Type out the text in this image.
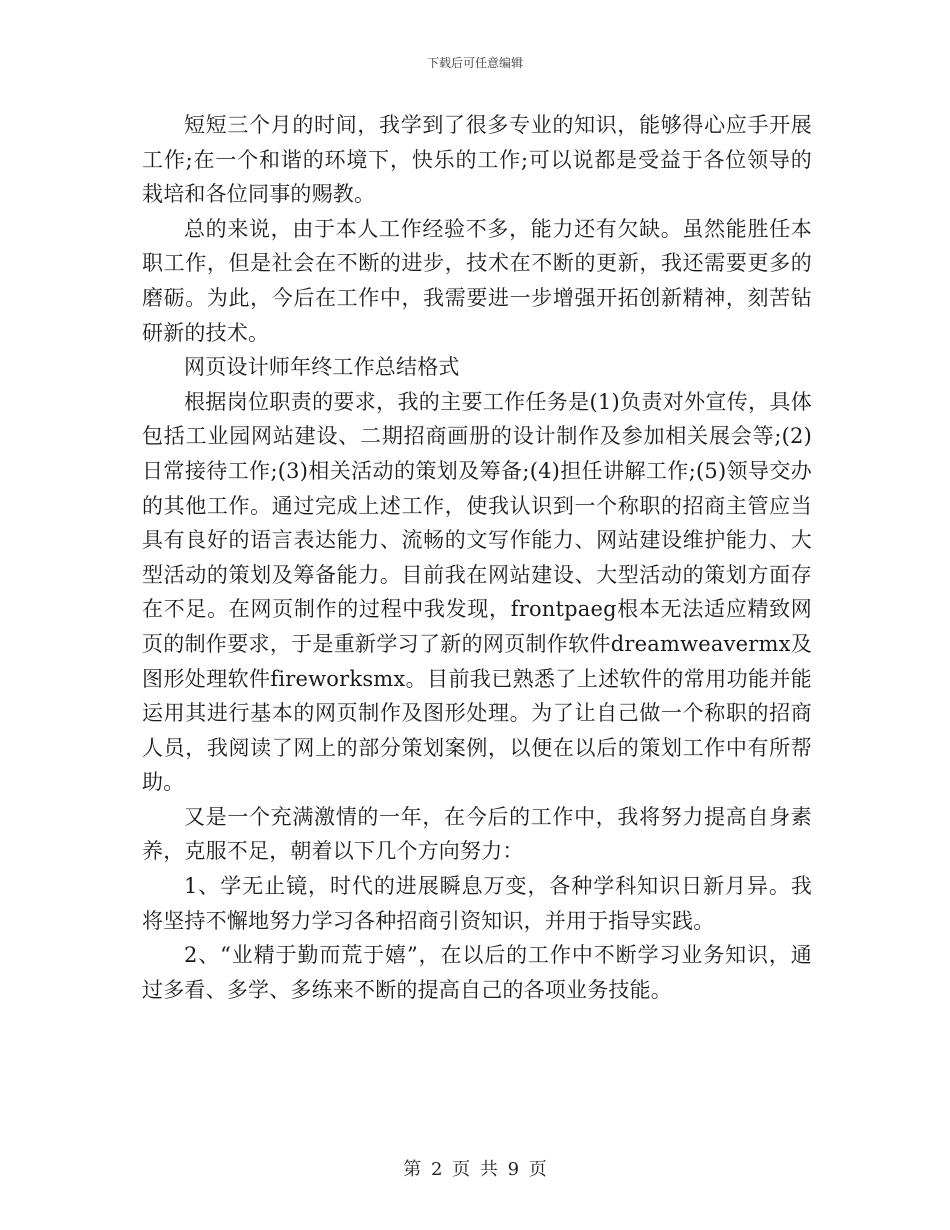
下载后可任意编辑

短短三个月的时间，我学到了很多专业的知识，能够得心应手开展工作;在一个和谐的环境下，快乐的工作;可以说都是受益于各位领导的栽培和各位同事的赐教。

总的来说，由于本人工作经验不多，能力还有欠缺。虽然能胜任本职工作，但是社会在不断的进步，技术在不断的更新，我还需要更多的磨砺。为此，今后在工作中，我需要进一步增强开拓创新精神，刻苦钻研新的技术。

网页设计师年终工作总结格式

根据岗位职责的要求，我的主要工作任务是(1)负责对外宣传，具体包括工业园网站建设、二期招商画册的设计制作及参加相关展会等;(2)日常接待工作;(3)相关活动的策划及筹备;(4)担任讲解工作;(5)领导交办的其他工作。通过完成上述工作，使我认识到一个称职的招商主管应当具有良好的语言表达能力、流畅的文写作能力、网站建设维护能力、大型活动的策划及筹备能力。目前我在网站建设、大型活动的策划方面存在不足。在网页制作的过程中我发现，frontpaeg根本无法适应精致网页的制作要求，于是重新学习了新的网页制作软件dreamweavermx及图形处理软件fireworksmx。目前我已熟悉了上述软件的常用功能并能运用其进行基本的网页制作及图形处理。为了让自己做一个称职的招商人员，我阅读了网上的部分策划案例，以便在以后的策划工作中有所帮助。

又是一个充满激情的一年，在今后的工作中，我将努力提高自身素养，克服不足，朝着以下几个方向努力：

1、学无止镜，时代的进展瞬息万变，各种学科知识日新月异。我将坚持不懈地努力学习各种招商引资知识，并用于指导实践。

2、“业精于勤而荒于嬉”，在以后的工作中不断学习业务知识，通过多看、多学、多练来不断的提高自己的各项业务技能。

第 2 页 共 9 页
